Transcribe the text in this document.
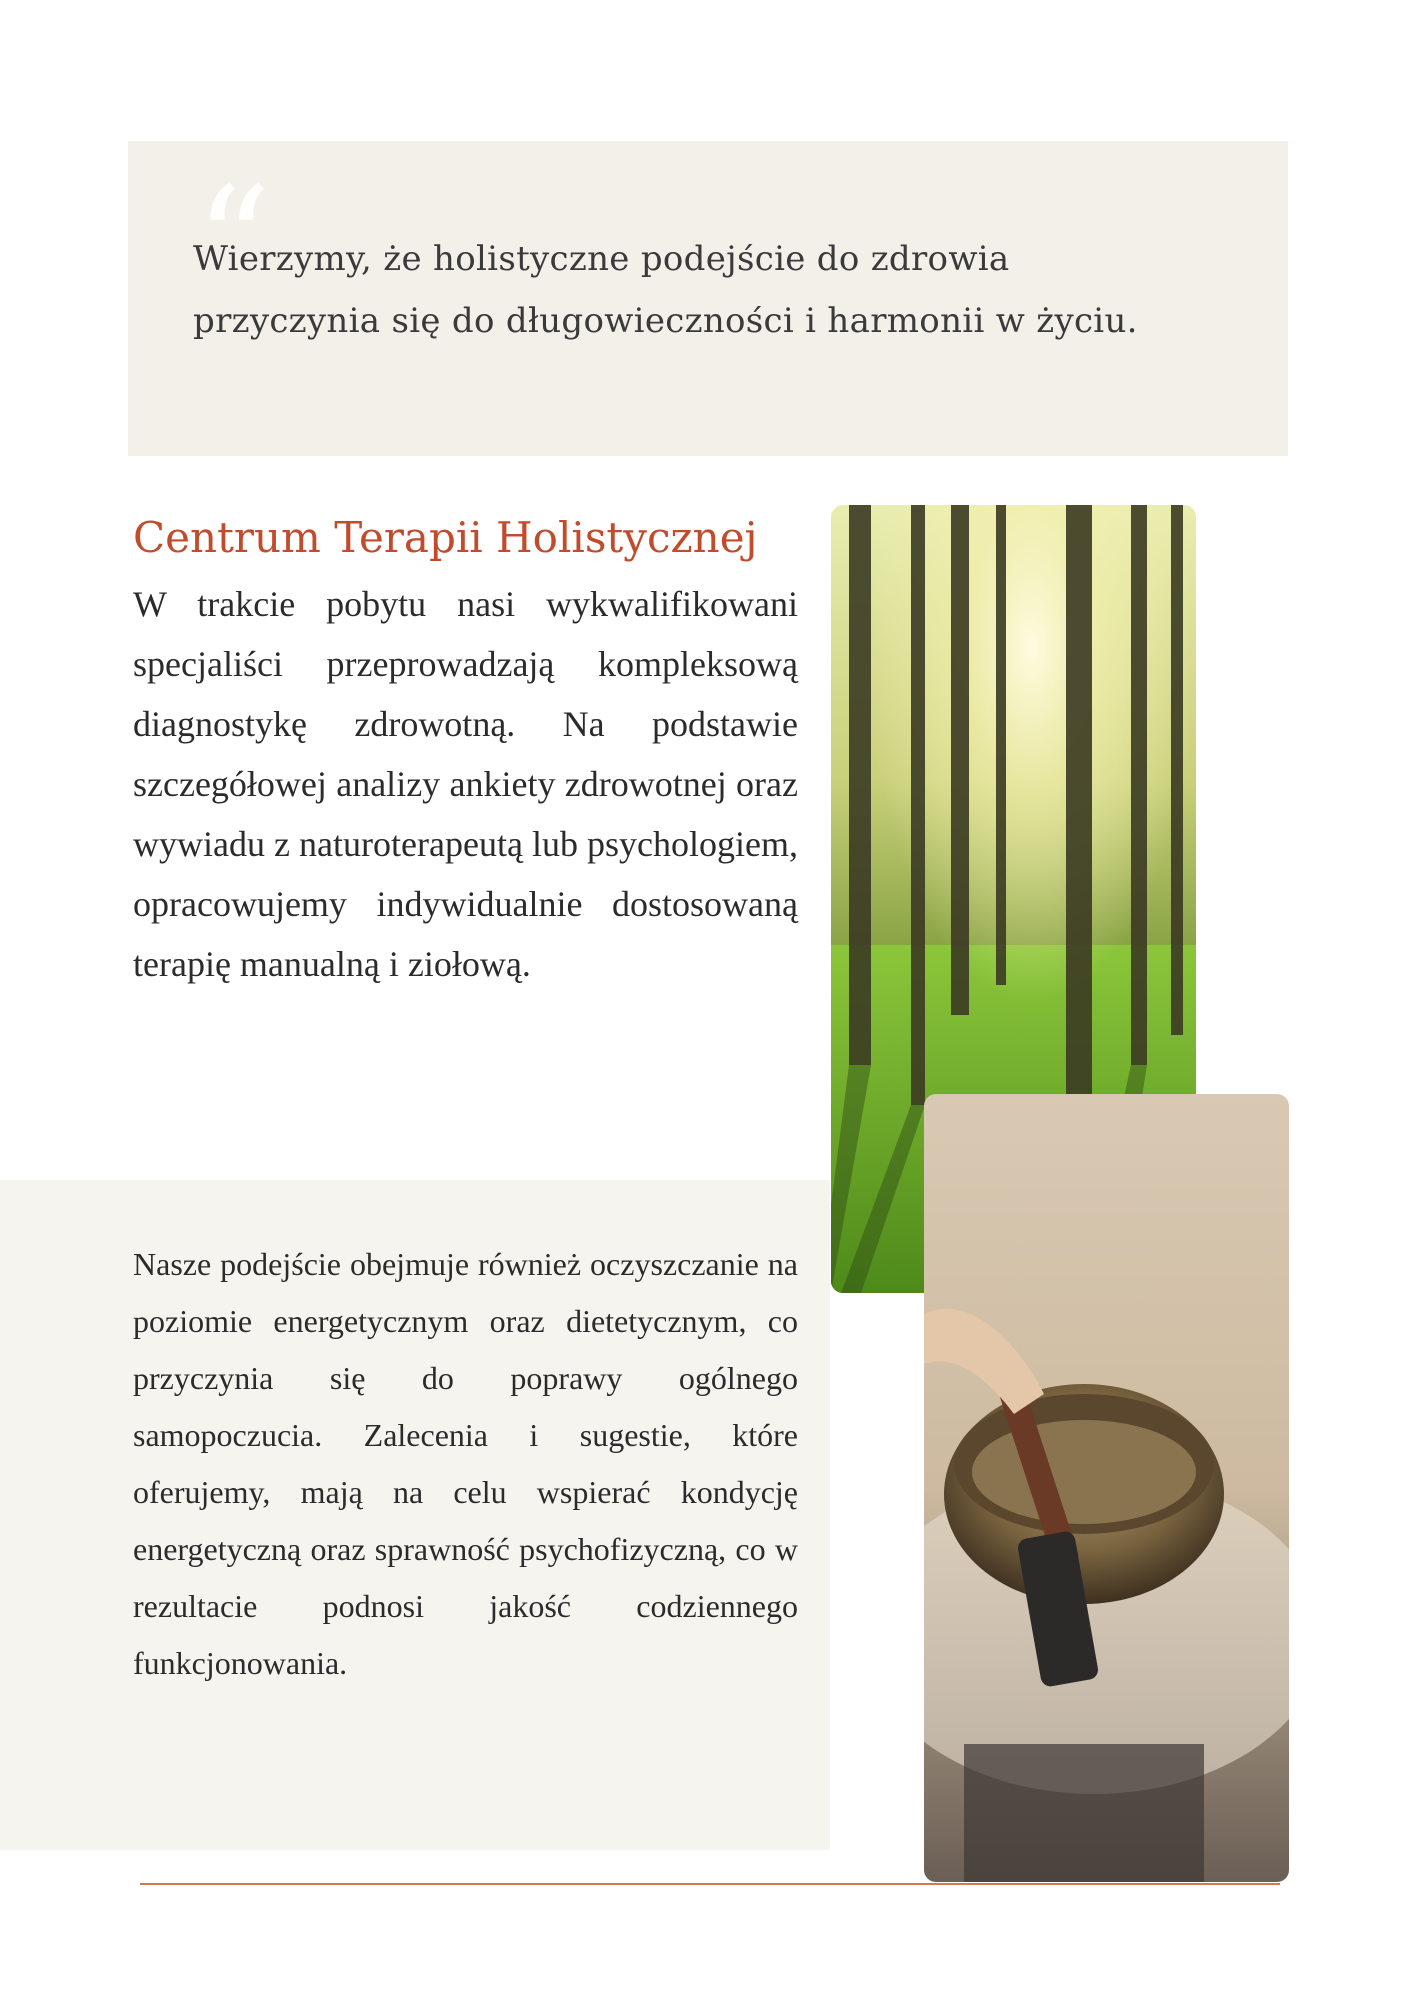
“
Wierzymy, że holistyczne podejście do zdrowia
przyczynia się do długowieczności i harmonii w życiu.
Centrum Terapii Holistycznej
W trakcie pobytu nasi wykwalifikowani specjaliści przeprowadzają kompleksową diagnostykę zdrowotną. Na podstawie szczegółowej analizy ankiety zdrowotnej oraz wywiadu z naturoterapeutą lub psychologiem, opracowujemy indywidualnie dostosowaną terapię manualną i ziołową.
Nasze podejście obejmuje również oczyszczanie na poziomie energetycznym oraz dietetycznym, co przyczynia się do poprawy ogólnego samopoczucia. Zalecenia i sugestie, które oferujemy, mają na celu wspierać kondycję energetyczną oraz sprawność psychofizyczną, co w rezultacie podnosi jakość codziennego funkcjonowania.
